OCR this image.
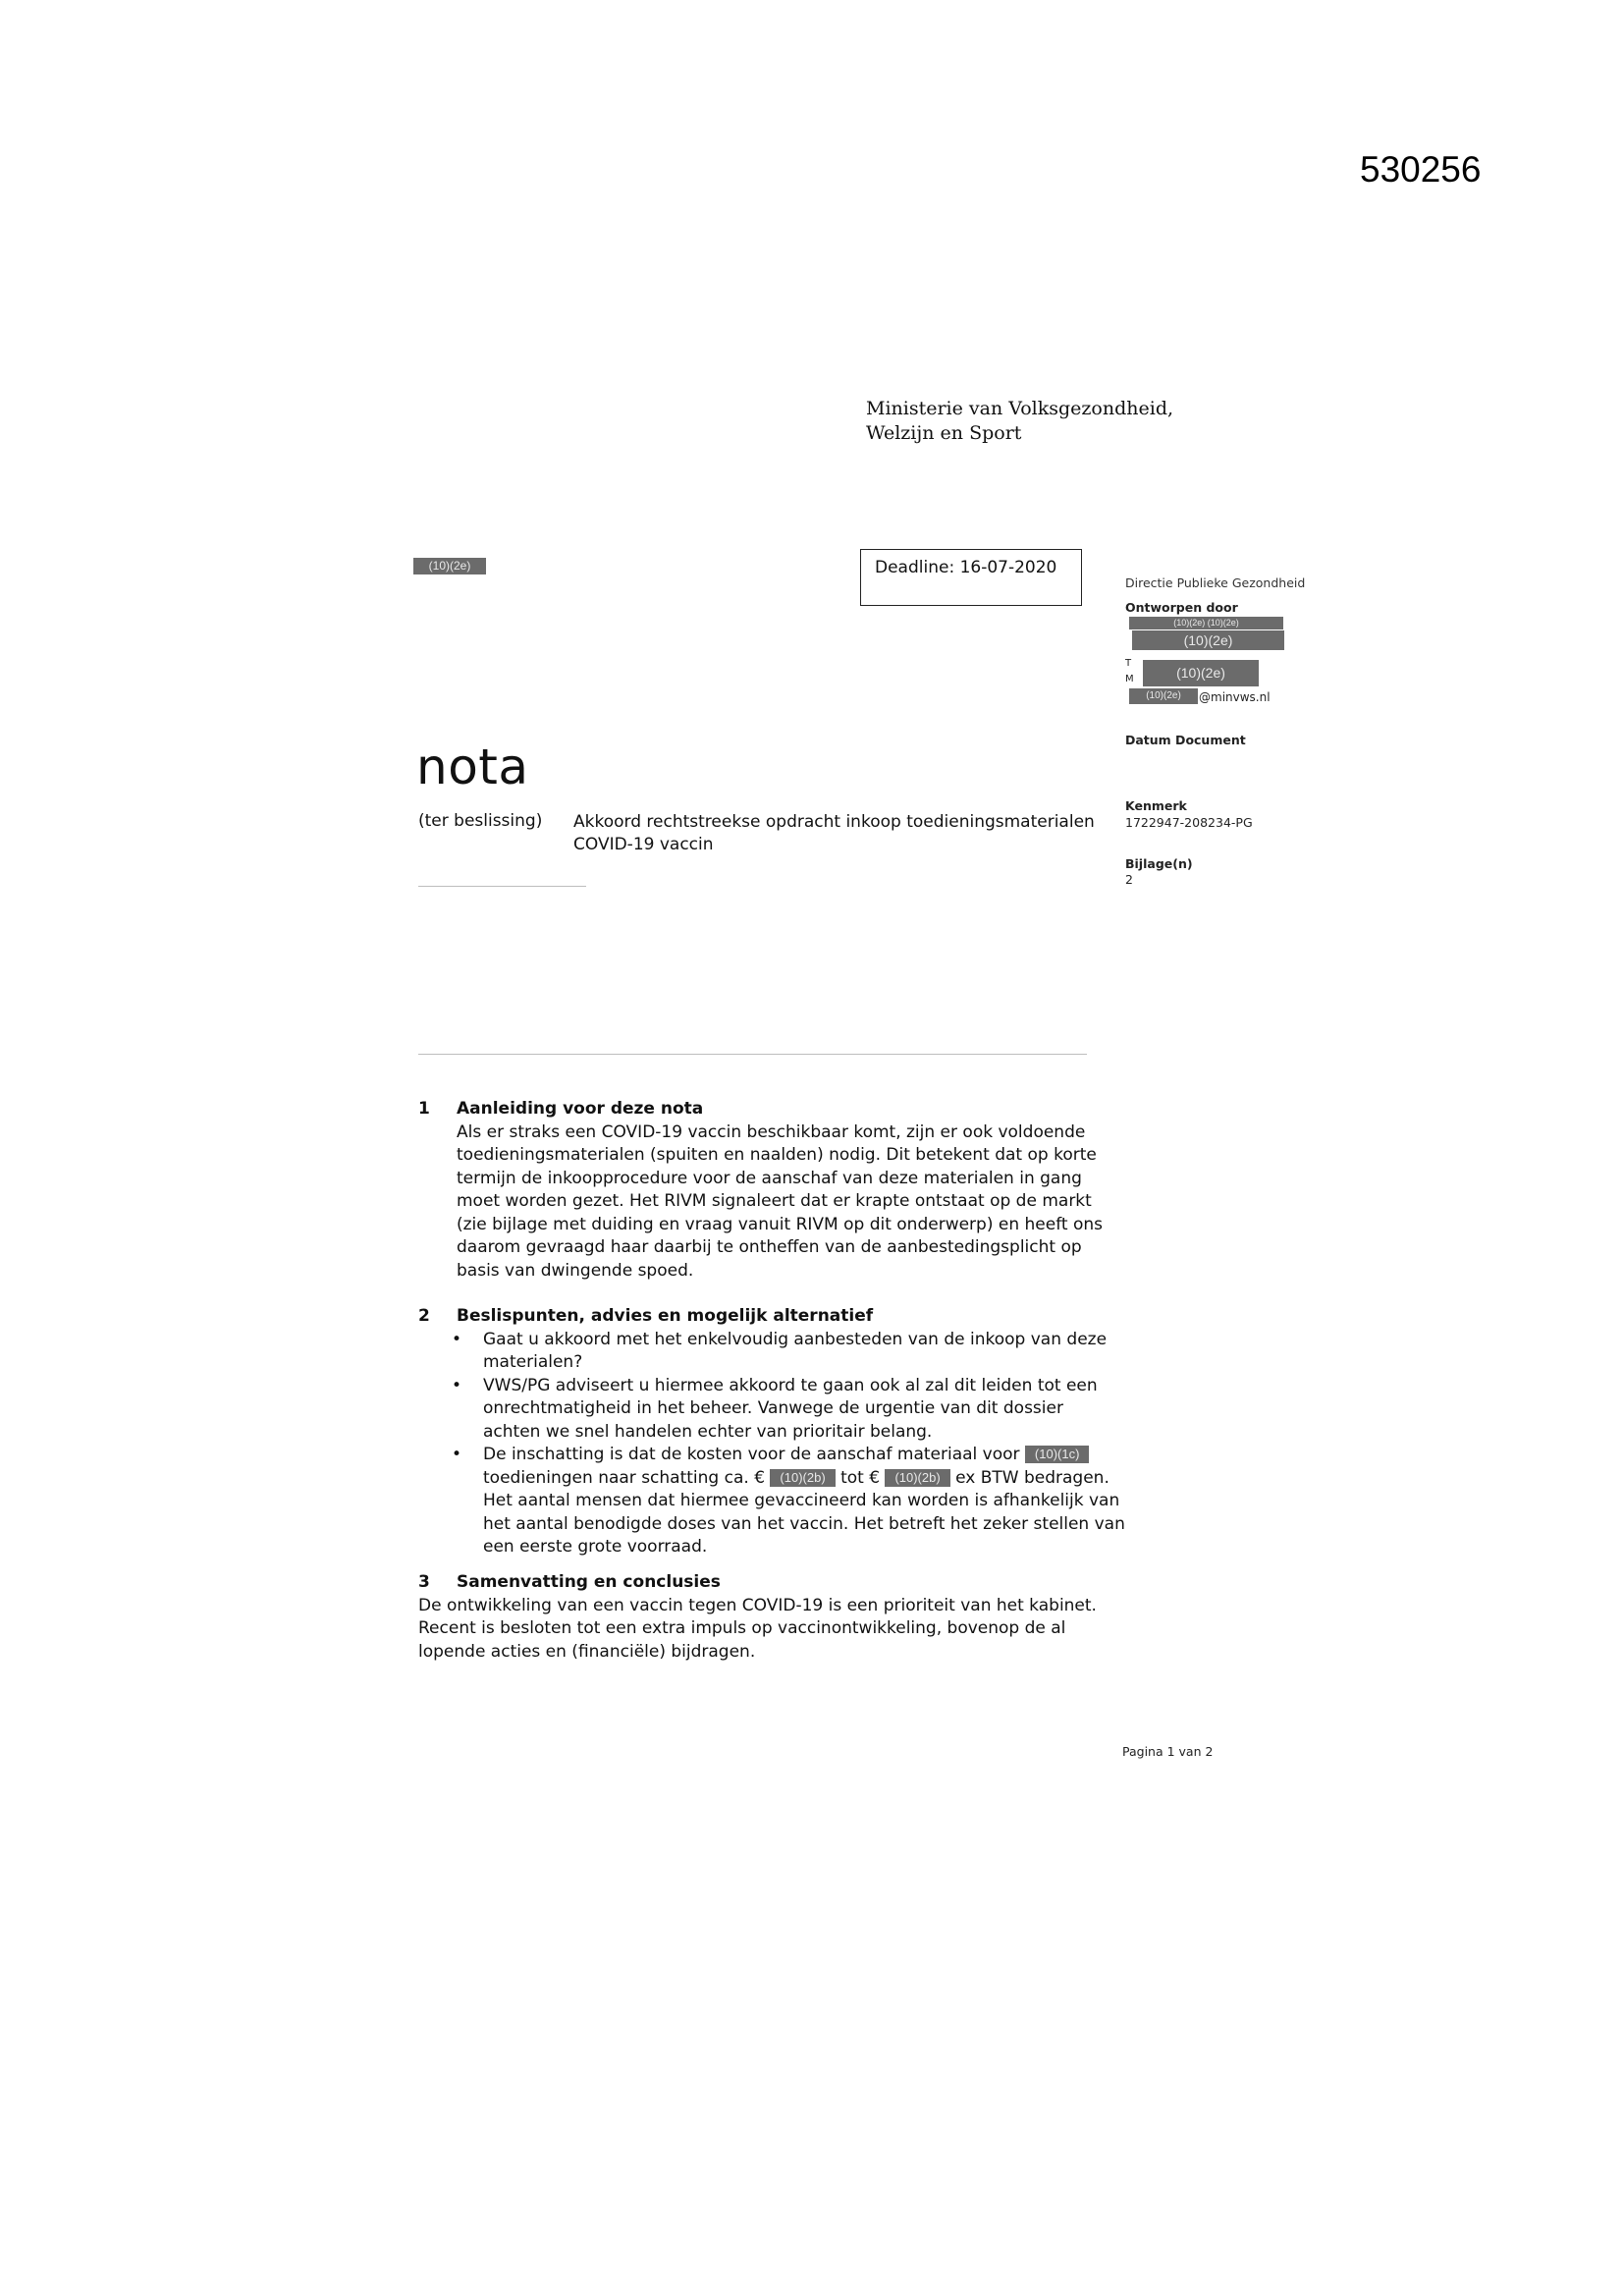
530256
Ministerie van Volksgezondheid,
Welzijn en Sport
(10)(2e)	Deadline: 16-07-2020
Directie Publieke Gezondheid
Ontworpen door
(10)(2e) (10)(2e)
(10)(2e)
T
M	(10)(2e)
(10)(2e)	@minvws.nl
Datum Document
Kenmerk
1722947-208234-PG
Bijlage(n)
2
nota
(ter beslissing) Akkoord rechtstreekse opdracht inkoop toedieningsmaterialen
COVID-19 vaccin
1	Aanleiding voor deze nota
Als er straks een COVID-19 vaccin beschikbaar komt, zijn er ook voldoende toedieningsmaterialen (spuiten en naalden) nodig. Dit betekent dat op korte termijn de inkoopprocedure voor de aanschaf van deze materialen in gang moet worden gezet. Het RIVM signaleert dat er krapte ontstaat op de markt (zie bijlage met duiding en vraag vanuit RIVM op dit onderwerp) en heeft ons daarom gevraagd haar daarbij te ontheffen van de aanbestedingsplicht op basis van dwingende spoed.
2	Beslispunten, advies en mogelijk alternatief
• Gaat u akkoord met het enkelvoudig aanbesteden van de inkoop van deze materialen?
• VWS/PG adviseert u hiermee akkoord te gaan ook al zal dit leiden tot een onrechtmatigheid in het beheer. Vanwege de urgentie van dit dossier achten we snel handelen echter van prioritair belang.
• De inschatting is dat de kosten voor de aanschaf materiaal voor (10)(1c) toedieningen naar schatting ca. € (10)(2b) tot € (10)(2b) ex BTW bedragen. Het aantal mensen dat hiermee gevaccineerd kan worden is afhankelijk van het aantal benodigde doses van het vaccin. Het betreft het zeker stellen van een eerste grote voorraad.
3	Samenvatting en conclusies
De ontwikkeling van een vaccin tegen COVID-19 is een prioriteit van het kabinet. Recent is besloten tot een extra impuls op vaccinontwikkeling, bovenop de al lopende acties en (financiële) bijdragen.
Pagina 1 van 2
